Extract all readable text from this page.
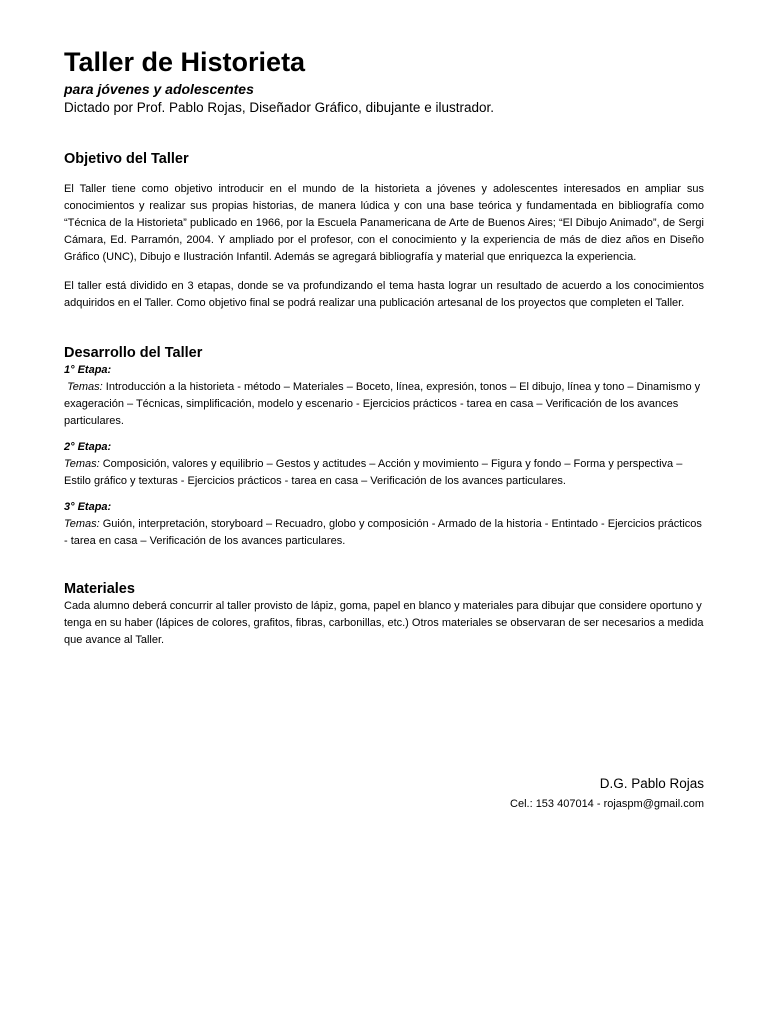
Taller de Historieta

para jóvenes y adolescentes

Dictado por Prof. Pablo Rojas, Diseñador Gráfico, dibujante e ilustrador.

Objetivo del Taller

El Taller tiene como objetivo introducir en el mundo de la historieta a jóvenes y adolescentes interesados en ampliar sus conocimientos y realizar sus propias historias, de manera lúdica y con una base teórica y fundamentada en bibliografía como “Técnica de la Historieta” publicado en 1966, por la Escuela Panamericana de Arte de Buenos Aires; “El Dibujo Animado”, de Sergi Cámara, Ed. Parramón, 2004. Y ampliado por el profesor, con el conocimiento y la experiencia de más de diez años en Diseño Gráfico (UNC), Dibujo e Ilustración Infantil. Además se agregará bibliografía y material que enriquezca la experiencia.

El taller está dividido en 3 etapas, donde se va profundizando el tema hasta lograr un resultado de acuerdo a los conocimientos adquiridos en el Taller. Como objetivo final se podrá realizar una publicación artesanal de los proyectos que completen el Taller.

Desarrollo del Taller

1° Etapa:

Temas: Introducción a la historieta - método – Materiales – Boceto, línea, expresión, tonos – El dibujo, línea y tono – Dinamismo y exageración – Técnicas, simplificación, modelo y escenario - Ejercicios prácticos - tarea en casa – Verificación de los avances particulares.

2° Etapa:

Temas: Composición, valores y equilibrio – Gestos y actitudes – Acción y movimiento – Figura y fondo – Forma y perspectiva – Estilo gráfico y texturas - Ejercicios prácticos - tarea en casa – Verificación de los avances particulares.

3° Etapa:

Temas: Guión, interpretación, storyboard – Recuadro, globo y composición - Armado de la historia - Entintado - Ejercicios prácticos - tarea en casa – Verificación de los avances particulares.

Materiales

Cada alumno deberá concurrir al taller provisto de lápiz, goma, papel en blanco y materiales para dibujar que considere oportuno y tenga en su haber (lápices de colores, grafitos, fibras, carbonillas, etc.) Otros materiales se observaran de ser necesarios a medida que avance al Taller.

D.G. Pablo Rojas

Cel.: 153 407014 - rojaspm@gmail.com
